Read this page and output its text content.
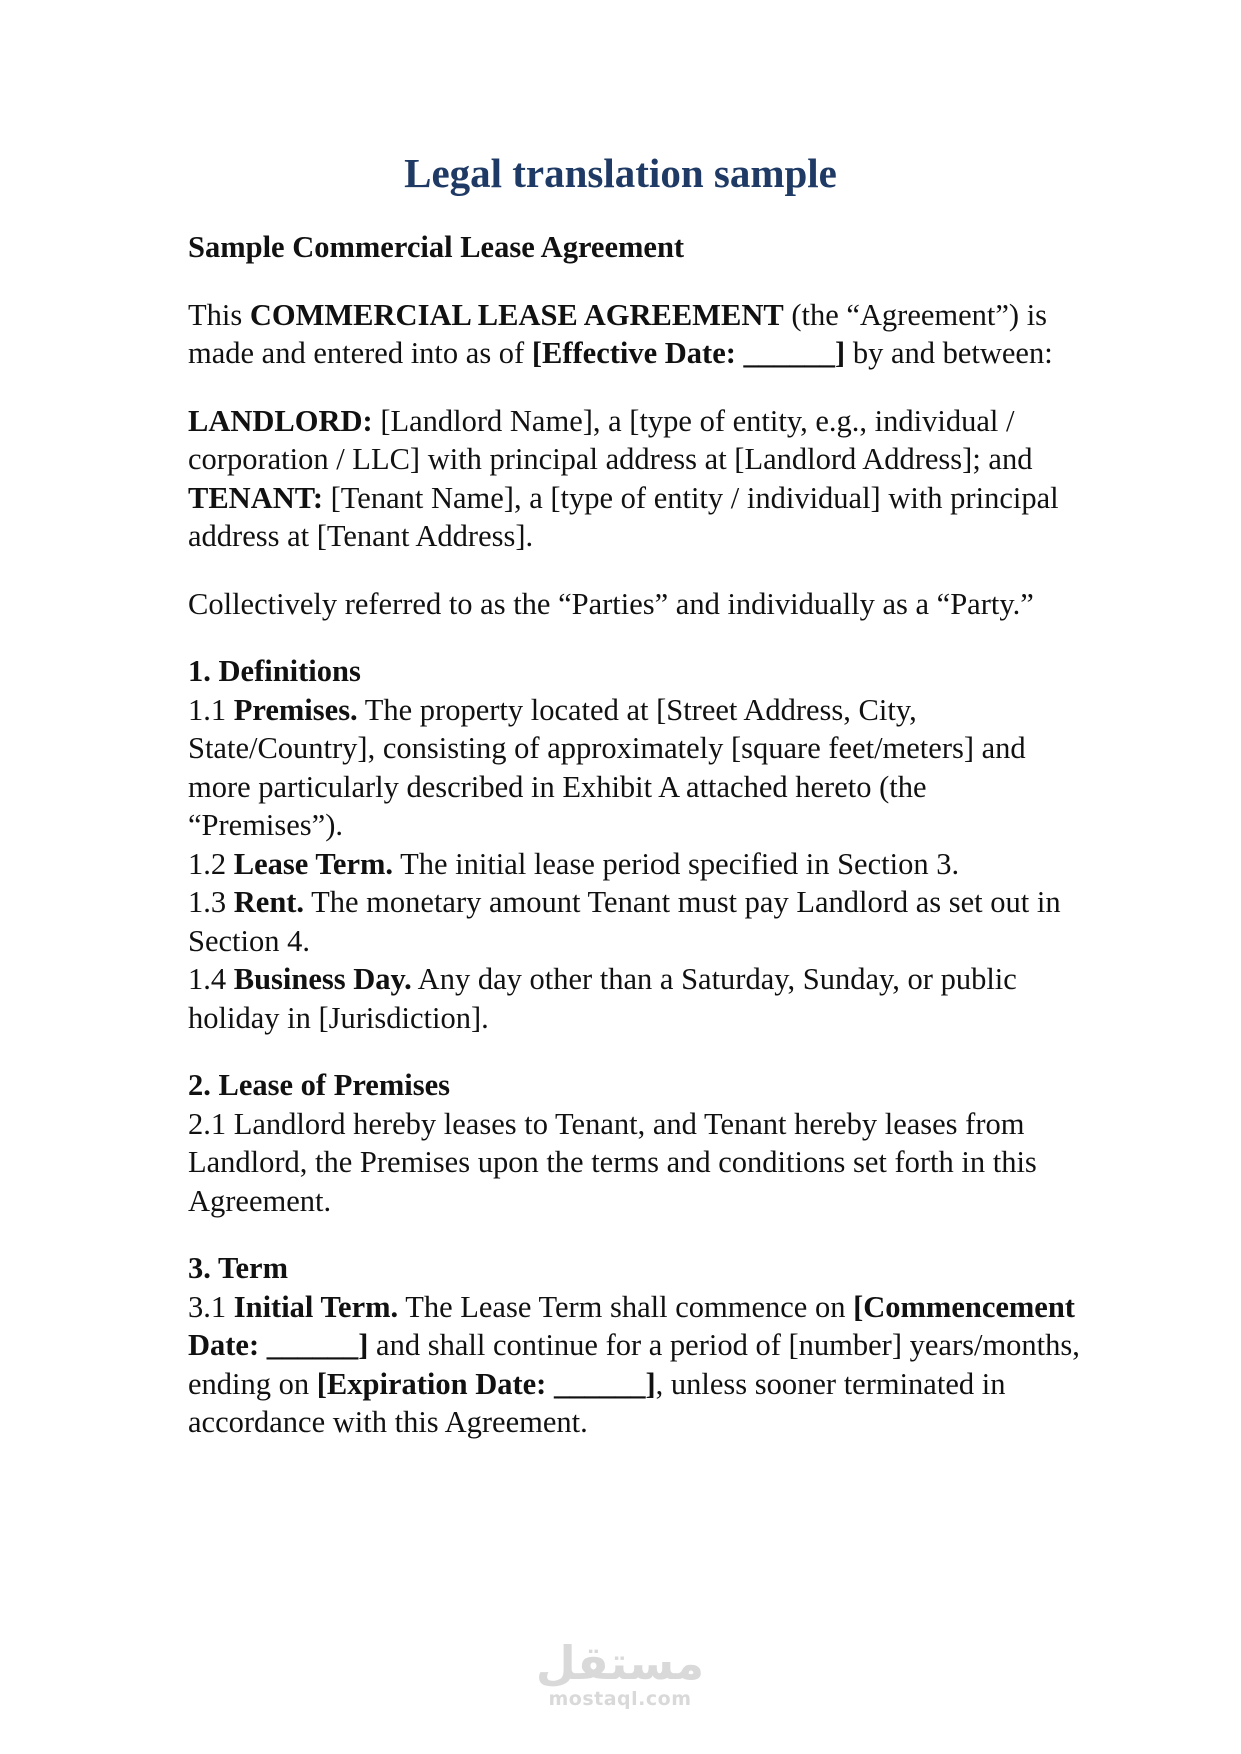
Legal translation sample

Sample Commercial Lease Agreement

This COMMERCIAL LEASE AGREEMENT (the “Agreement”) is made and entered into as of [Effective Date: ______] by and between:

LANDLORD: [Landlord Name], a [type of entity, e.g., individual / corporation / LLC] with principal address at [Landlord Address]; and

TENANT: [Tenant Name], a [type of entity / individual] with principal address at [Tenant Address].

Collectively referred to as the “Parties” and individually as a “Party.”

1. Definitions

1.1 Premises. The property located at [Street Address, City, State/Country], consisting of approximately [square feet/meters] and more particularly described in Exhibit A attached hereto (the “Premises”).

1.2 Lease Term. The initial lease period specified in Section 3.

1.3 Rent. The monetary amount Tenant must pay Landlord as set out in Section 4.

1.4 Business Day. Any day other than a Saturday, Sunday, or public holiday in [Jurisdiction].

2. Lease of Premises

2.1 Landlord hereby leases to Tenant, and Tenant hereby leases from Landlord, the Premises upon the terms and conditions set forth in this Agreement.

3. Term

3.1 Initial Term. The Lease Term shall commence on [Commencement Date: ______] and shall continue for a period of [number] years/months, ending on [Expiration Date: ______], unless sooner terminated in accordance with this Agreement.

مستقل
mostaql.com
